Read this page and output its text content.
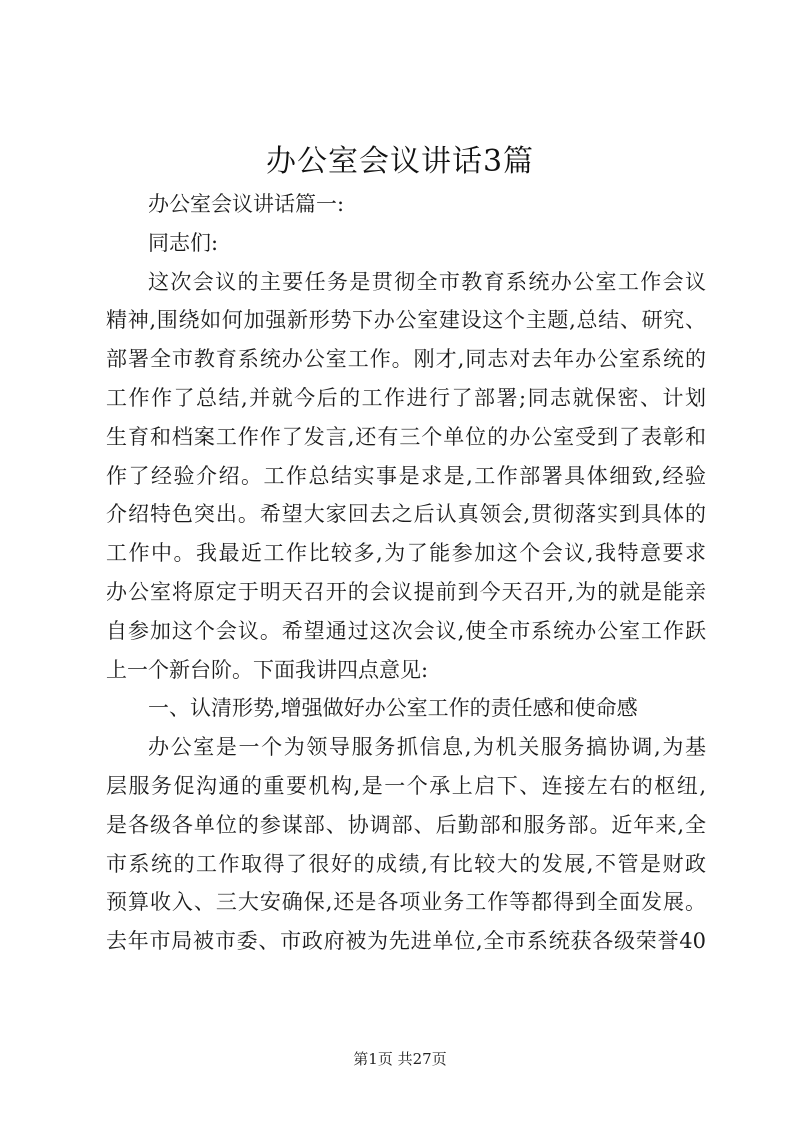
办公室会议讲话3篇
办公室会议讲话篇一:
同志们:
这次会议的主要任务是贯彻全市教育系统办公室工作会议
精神,围绕如何加强新形势下办公室建设这个主题,总结、研究、
部署全市教育系统办公室工作。刚才,同志对去年办公室系统的
工作作了总结,并就今后的工作进行了部署;同志就保密、计划
生育和档案工作作了发言,还有三个单位的办公室受到了表彰和
作了经验介绍。工作总结实事是求是,工作部署具体细致,经验
介绍特色突出。希望大家回去之后认真领会,贯彻落实到具体的
工作中。我最近工作比较多,为了能参加这个会议,我特意要求
办公室将原定于明天召开的会议提前到今天召开,为的就是能亲
自参加这个会议。希望通过这次会议,使全市系统办公室工作跃
上一个新台阶。下面我讲四点意见:
一、认清形势,增强做好办公室工作的责任感和使命感
办公室是一个为领导服务抓信息,为机关服务搞协调,为基
层服务促沟通的重要机构,是一个承上启下、连接左右的枢纽,
是各级各单位的参谋部、协调部、后勤部和服务部。近年来,全
市系统的工作取得了很好的成绩,有比较大的发展,不管是财政
预算收入、三大安确保,还是各项业务工作等都得到全面发展。
去年市局被市委、市政府被为先进单位,全市系统获各级荣誉40
第1页 共27页
